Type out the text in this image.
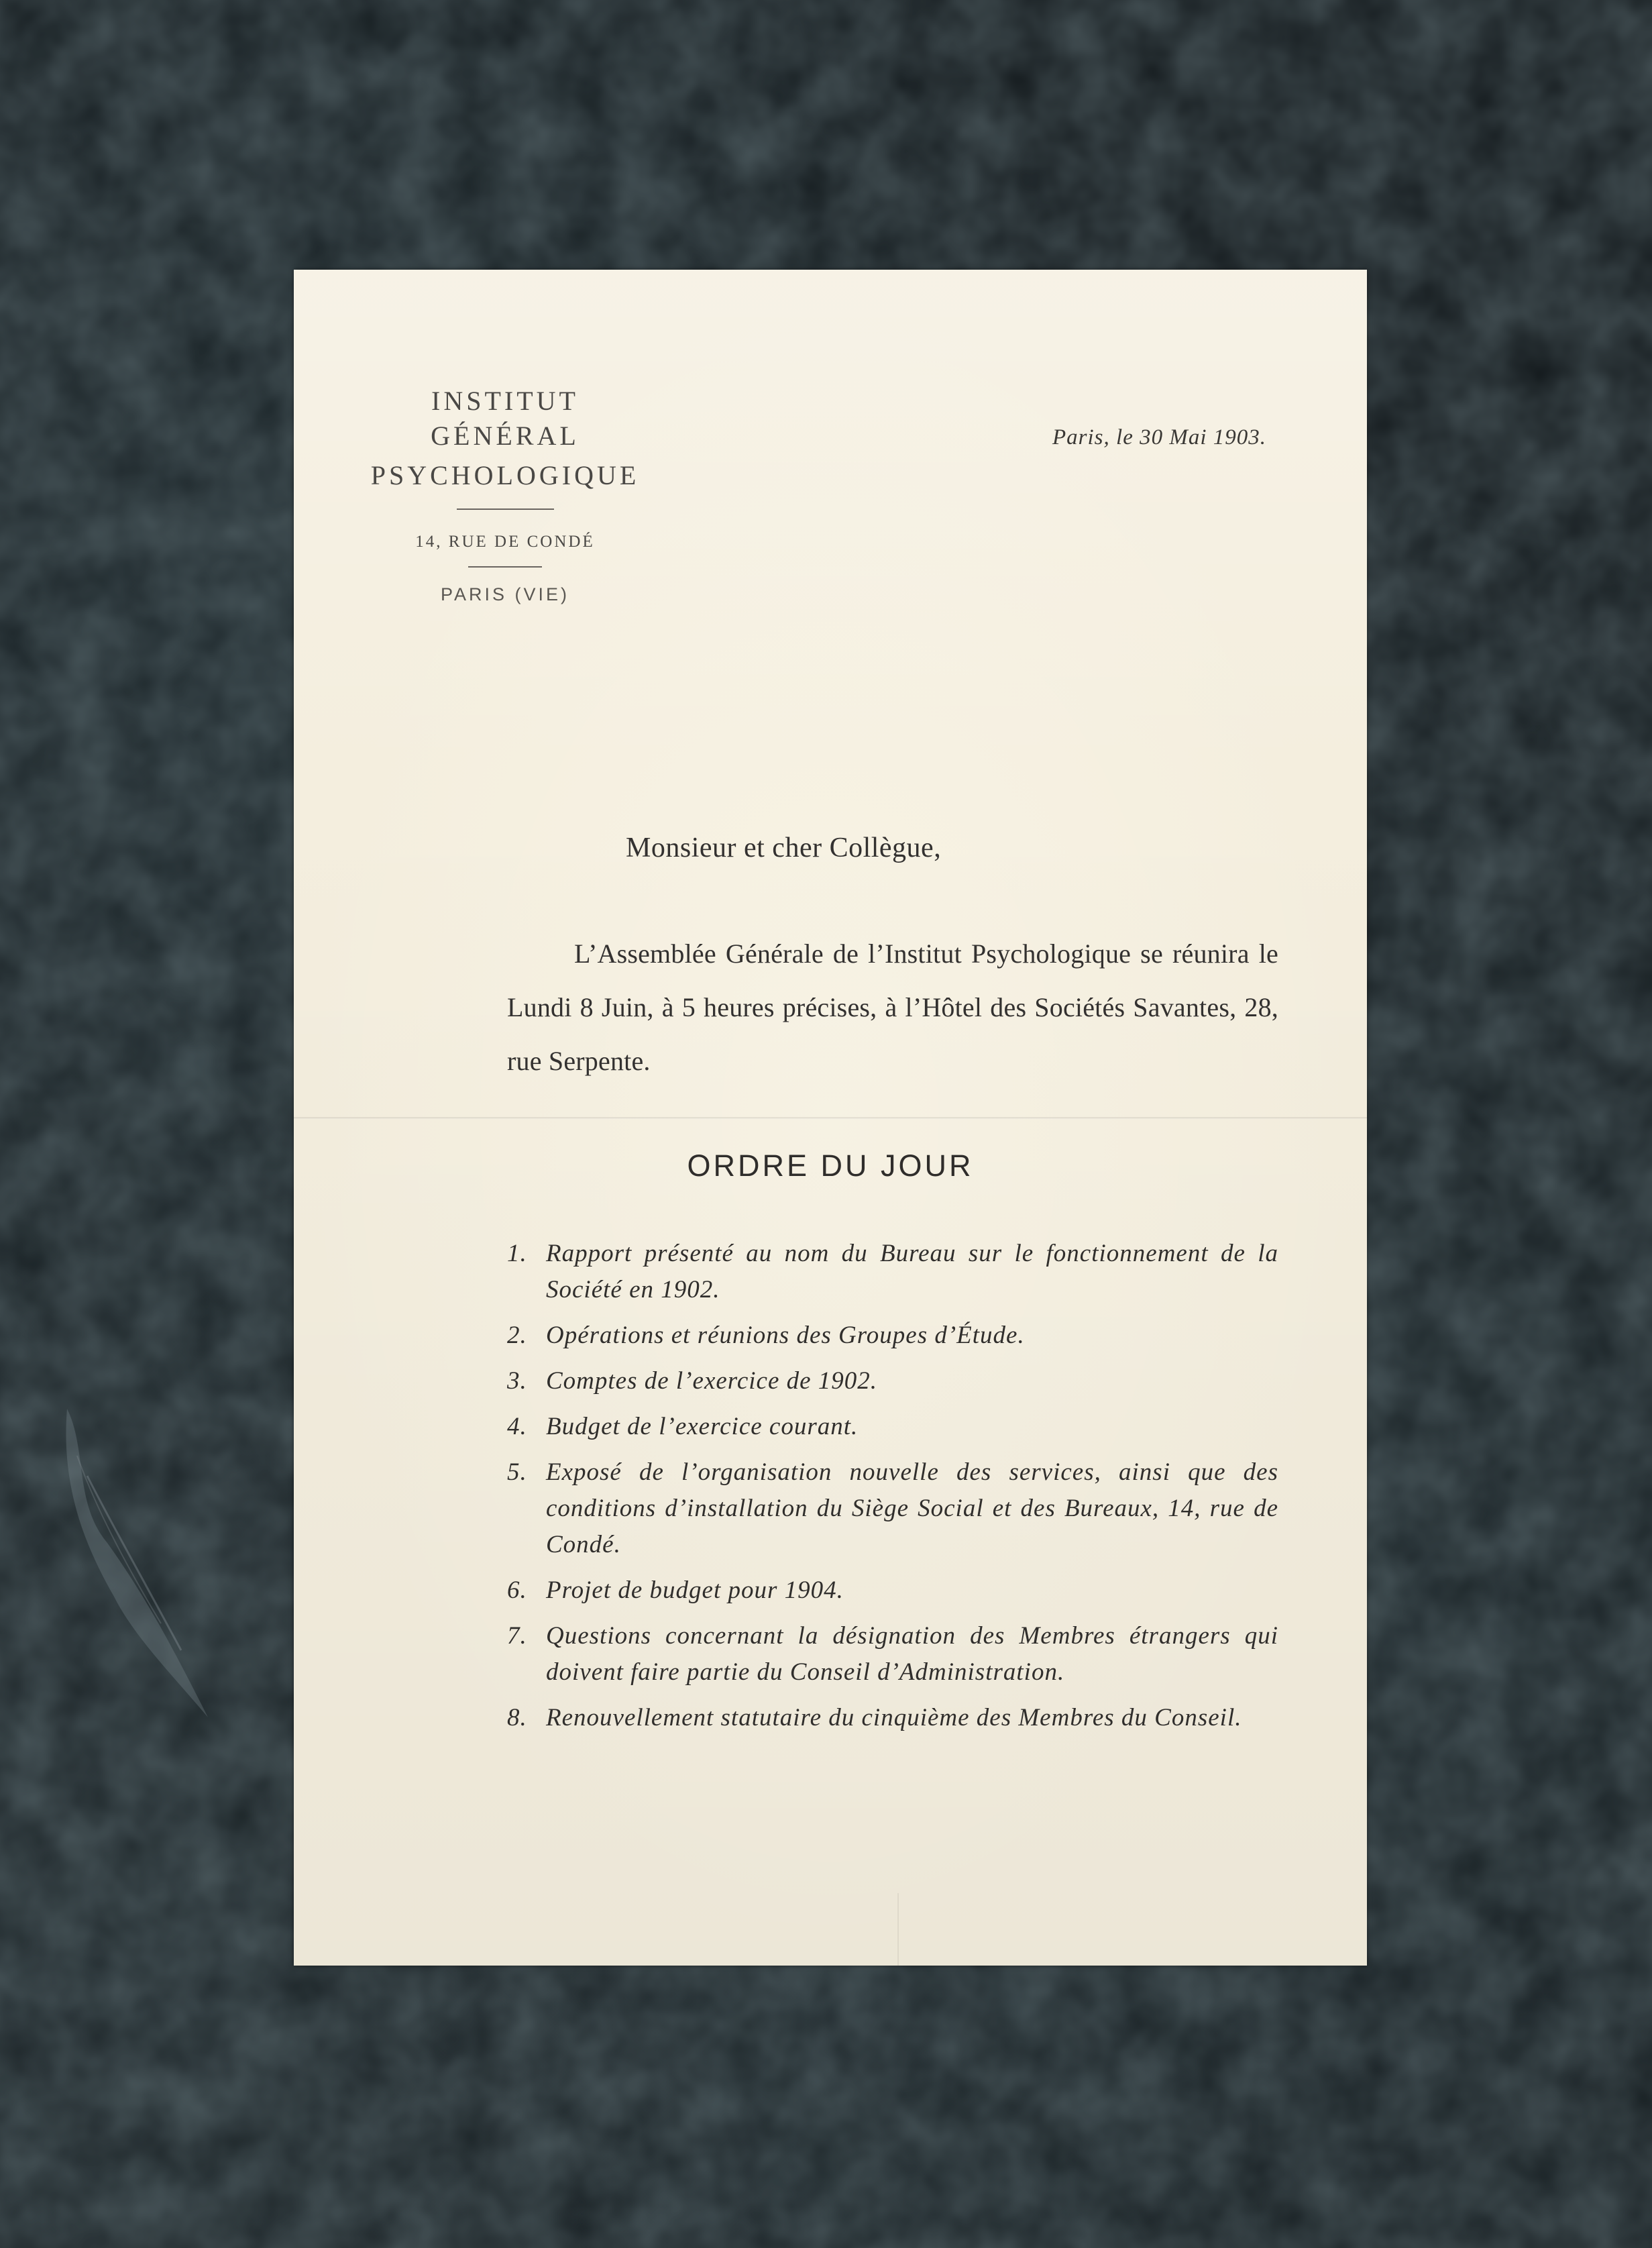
INSTITUT GÉNÉRAL
PSYCHOLOGIQUE
14, RUE DE CONDÉ
PARIS (VIE)
Paris, le 30 Mai 1903.
Monsieur et cher Collègue,
L’Assemblée Générale de l’Institut Psychologique se réunira le Lundi 8 Juin, à 5 heures précises, à l’Hôtel des Sociétés Savantes, 28, rue Serpente.
ORDRE DU JOUR
1. Rapport présenté au nom du Bureau sur le fonctionnement de la Société en 1902.
2. Opérations et réunions des Groupes d’Étude.
3. Comptes de l’exercice de 1902.
4. Budget de l’exercice courant.
5. Exposé de l’organisation nouvelle des services, ainsi que des conditions d’installation du Siège Social et des Bureaux, 14, rue de Condé.
6. Projet de budget pour 1904.
7. Questions concernant la désignation des Membres étrangers qui doivent faire partie du Conseil d’Administration.
8. Renouvellement statutaire du cinquième des Membres du Conseil.
